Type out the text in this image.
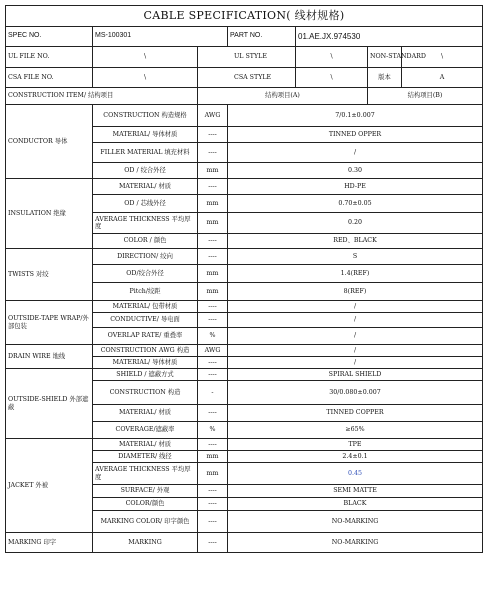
CABLE SPECIFICATION( 线材规格)						
SPEC NO.	MS-100301		PART NO.	01.AE.JX.974530		
UL FILE NO.	\	UL STYLE		\	NON-STANDARD	\
CSA FILE NO.	\	CSA STYLE		\	版本	A
CONSTRUCTION ITEM/ 结构项目		结构项目(A)			结构项目(B)	
CONDUCTOR 导体	CONSTRUCTION 构造规格	AWG	7/0.1±0.007			
	MATERIAL/ 导体材质	----	TINNED OPPER			
	FILLER MATERIAL 填充材料	----	/			
	OD / 绞合外径	mm	0.30			
INSULATION 绝缘	MATERIAL/ 材质	----	HD-PE			
	OD / 芯线外径	mm	0.70±0.05			
	AVERAGE THICKNESS 平均厚度	mm	0.20			
	COLOR / 颜色	----	RED、BLACK			
TWISTS 对绞	DIRECTION/ 绞向	----	S			
	OD/绞合外径	mm	1.4(REF)			
	Pitch/绞距	mm	8(REF)			
OUTSIDE-TAPE WRAP/外部包装	MATERIAL/ 包带材质	----	/			
	CONDUCTIVE/ 导电面	----	/			
	OVERLAP RATE/ 重叠率	%	/			
DRAIN WIRE 地线	CONSTRUCTION AWG 构造	AWG	/			
	MATERIAL/ 导体材质	----	/			
OUTSIDE-SHIELD 外部遮蔽	SHIELD / 遮蔽方式	----	SPIRAL SHIELD			
	CONSTRUCTION 构造	-	30/0.080±0.007			
	MATERIAL/ 材质	----	TINNED COPPER			
	COVERAGE/遮蔽率	%	≥65%			
JACKET 外被	MATERIAL/ 材质	----	TPE			
	DIAMETER/ 线径	mm	2.4±0.1			
	AVERAGE THICKNESS 平均厚度	mm	0.45			
	SURFACE/ 外观	----	SEMI MATTE			
	COLOR/颜色	----	BLACK			
	MARKING COLOR/ 印字颜色	----	NO-MARKING			
MARKING 印字	MARKING	----	NO-MARKING			
